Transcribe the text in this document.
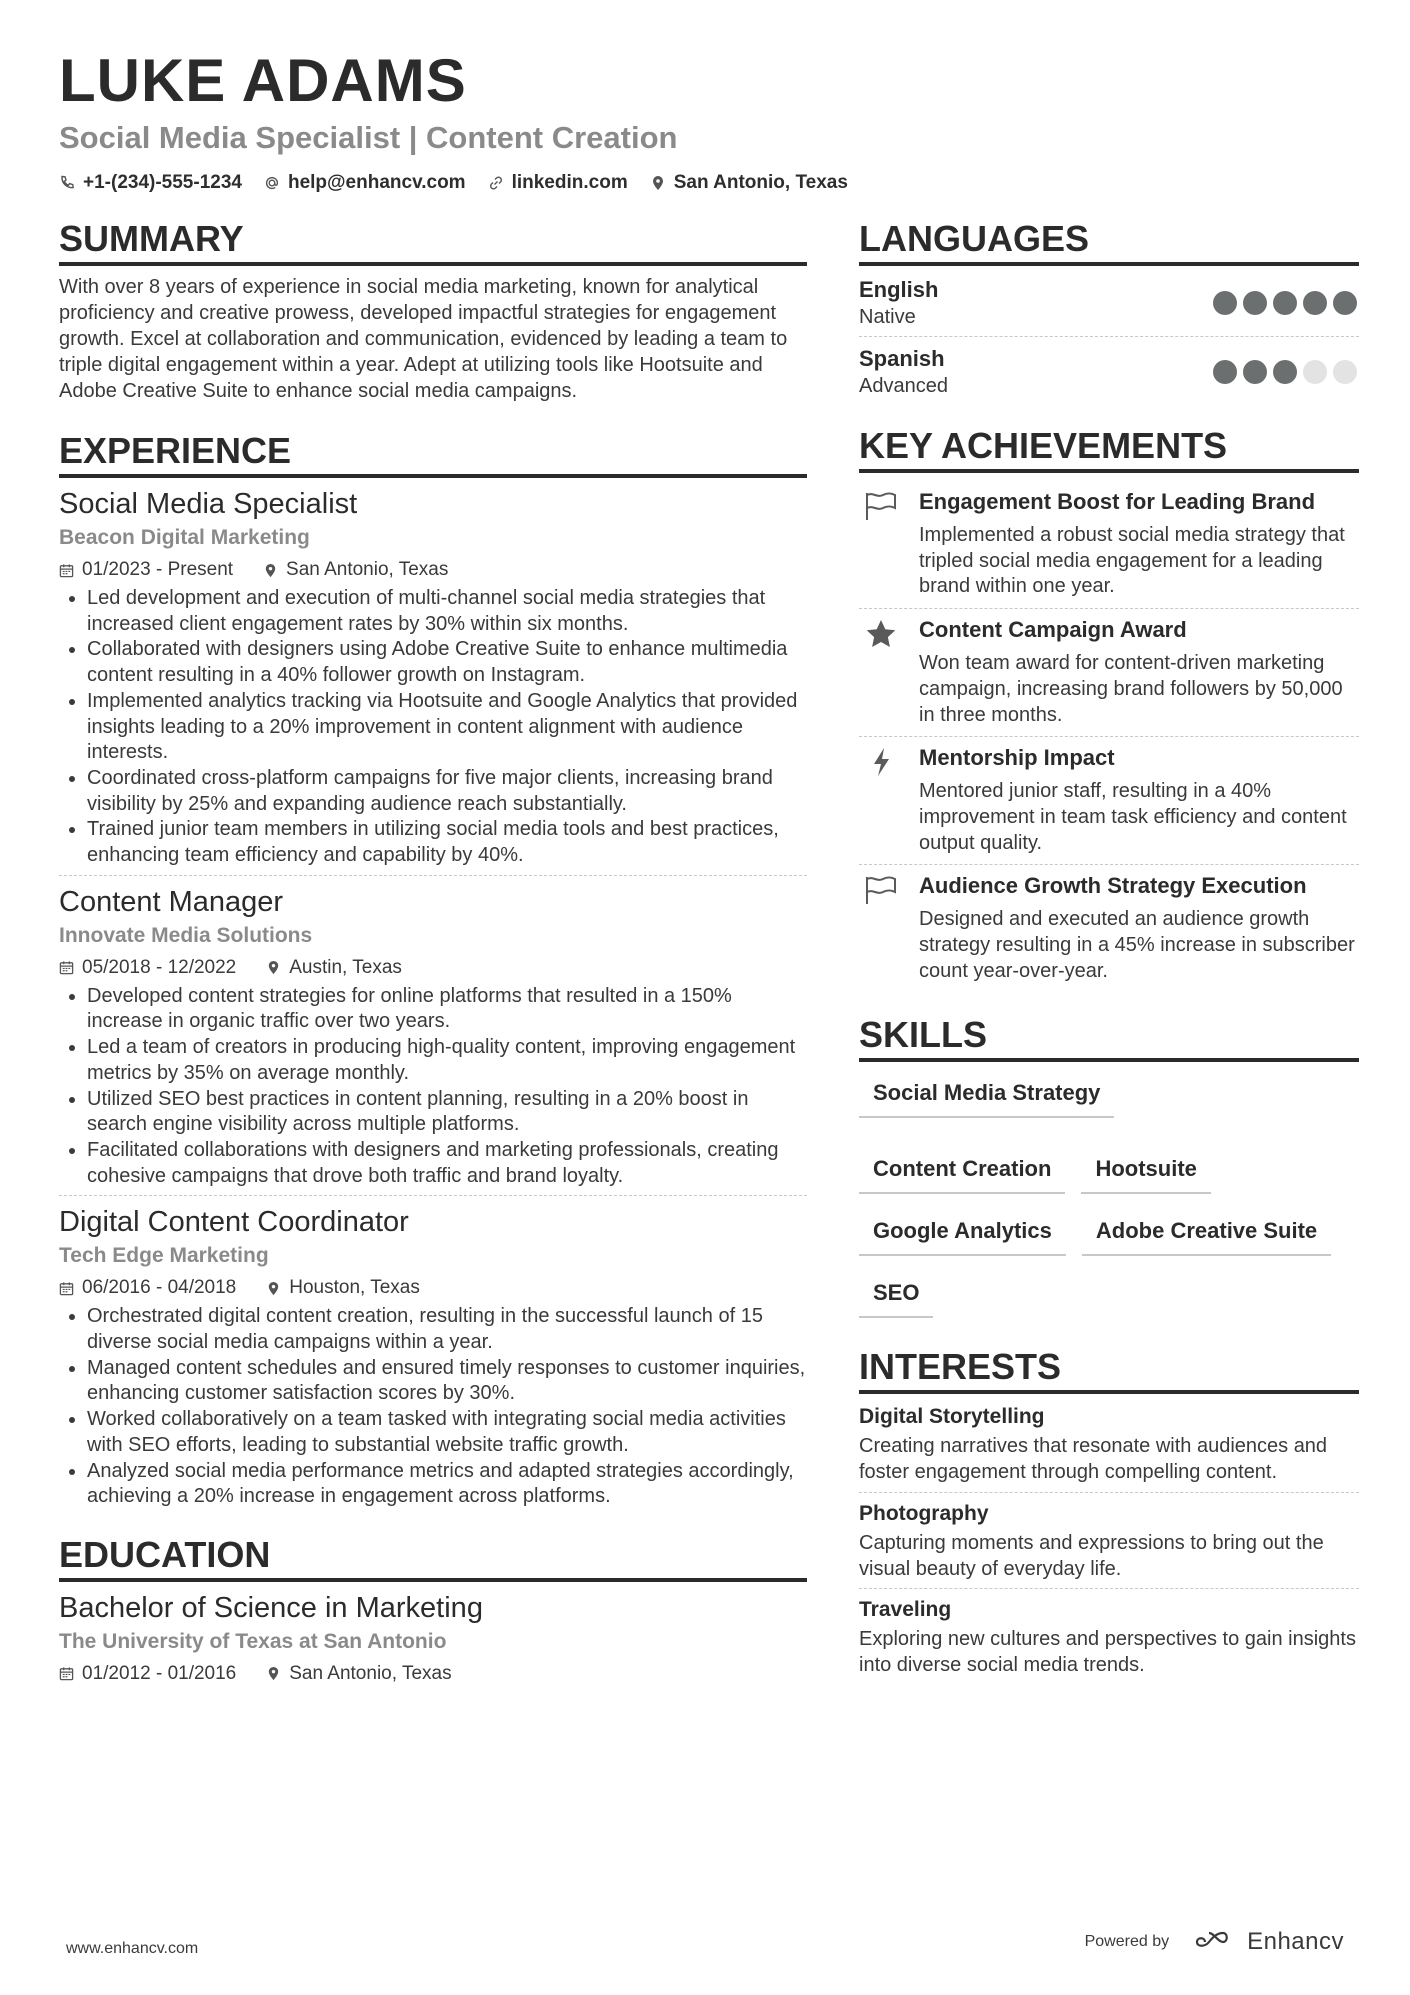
LUKE ADAMS
Social Media Specialist | Content Creation
+1-(234)-555-1234 help@enhancv.com linkedin.com San Antonio, Texas
SUMMARY
With over 8 years of experience in social media marketing, known for analytical proficiency and creative prowess, developed impactful strategies for engagement growth. Excel at collaboration and communication, evidenced by leading a team to triple digital engagement within a year. Adept at utilizing tools like Hootsuite and Adobe Creative Suite to enhance social media campaigns.
EXPERIENCE
Social Media Specialist
Beacon Digital Marketing
01/2023 - Present	San Antonio, Texas
• Led development and execution of multi-channel social media strategies that increased client engagement rates by 30% within six months.
• Collaborated with designers using Adobe Creative Suite to enhance multimedia content resulting in a 40% follower growth on Instagram.
• Implemented analytics tracking via Hootsuite and Google Analytics that provided insights leading to a 20% improvement in content alignment with audience interests.
• Coordinated cross-platform campaigns for five major clients, increasing brand visibility by 25% and expanding audience reach substantially.
• Trained junior team members in utilizing social media tools and best practices, enhancing team efficiency and capability by 40%.
Content Manager
Innovate Media Solutions
05/2018 - 12/2022	Austin, Texas
• Developed content strategies for online platforms that resulted in a 150% increase in organic traffic over two years.
• Led a team of creators in producing high-quality content, improving engagement metrics by 35% on average monthly.
• Utilized SEO best practices in content planning, resulting in a 20% boost in search engine visibility across multiple platforms.
• Facilitated collaborations with designers and marketing professionals, creating cohesive campaigns that drove both traffic and brand loyalty.
Digital Content Coordinator
Tech Edge Marketing
06/2016 - 04/2018	Houston, Texas
• Orchestrated digital content creation, resulting in the successful launch of 15 diverse social media campaigns within a year.
• Managed content schedules and ensured timely responses to customer inquiries, enhancing customer satisfaction scores by 30%.
• Worked collaboratively on a team tasked with integrating social media activities with SEO efforts, leading to substantial website traffic growth.
• Analyzed social media performance metrics and adapted strategies accordingly, achieving a 20% increase in engagement across platforms.
EDUCATION
Bachelor of Science in Marketing
The University of Texas at San Antonio
01/2012 - 01/2016	San Antonio, Texas
LANGUAGES
English
Native
Spanish
Advanced
KEY ACHIEVEMENTS
Engagement Boost for Leading Brand
Implemented a robust social media strategy that tripled social media engagement for a leading brand within one year.
Content Campaign Award
Won team award for content-driven marketing campaign, increasing brand followers by 50,000 in three months.
Mentorship Impact
Mentored junior staff, resulting in a 40% improvement in team task efficiency and content output quality.
Audience Growth Strategy Execution
Designed and executed an audience growth strategy resulting in a 45% increase in subscriber count year-over-year.
SKILLS
Social Media Strategy
Content Creation	Hootsuite
Google Analytics	Adobe Creative Suite
SEO
INTERESTS
Digital Storytelling
Creating narratives that resonate with audiences and foster engagement through compelling content.
Photography
Capturing moments and expressions to bring out the visual beauty of everyday life.
Traveling
Exploring new cultures and perspectives to gain insights into diverse social media trends.
www.enhancv.com	Powered by	Enhancv
